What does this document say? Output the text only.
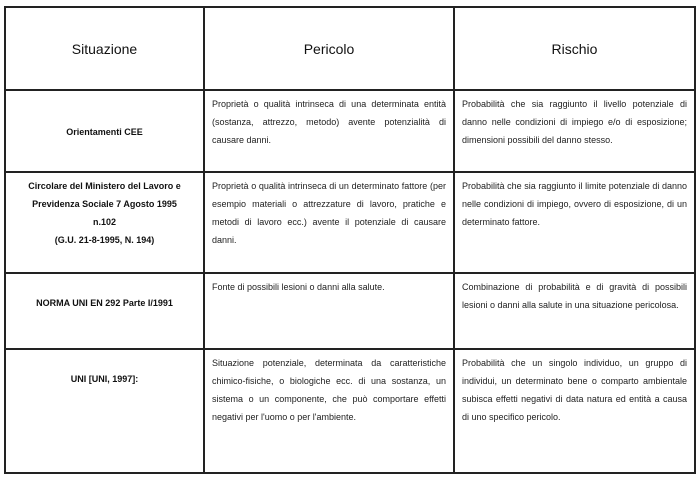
Situazione	Pericolo	Rischio

Orientamenti CEE	Proprietà o qualità intrinseca di una determinata entità (sostanza, attrezzo, metodo) avente potenzialità di causare danni.	Probabilità che sia raggiunto il livello potenziale di danno nelle condizioni di impiego e/o di esposizione; dimensioni possibili del danno stesso.

Circolare del Ministero del Lavoro e
Previdenza Sociale 7 Agosto 1995
n.102
(G.U. 21-8-1995, N. 194)	Proprietà o qualità intrinseca di un determinato fattore (per esempio materiali o attrezzature di lavoro, pratiche e metodi di lavoro ecc.) avente il potenziale di causare danni.	Probabilità che sia raggiunto il limite potenziale di danno nelle condizioni di impiego, ovvero di esposizione, di un determinato fattore.

NORMA UNI EN 292 Parte I/1991	Fonte di possibili lesioni o danni alla salute.	Combinazione di probabilità e di gravità di possibili lesioni o danni alla salute in una situazione pericolosa.

UNI [UNI, 1997]:	Situazione potenziale, determinata da caratteristiche chimico-fisiche, o biologiche ecc. di una sostanza, un sistema o un componente, che può comportare effetti negativi per l'uomo o per l'ambiente.	Probabilità che un singolo individuo, un gruppo di individui, un determinato bene o comparto ambientale subisca effetti negativi di data natura ed entità a causa di uno specifico pericolo.
